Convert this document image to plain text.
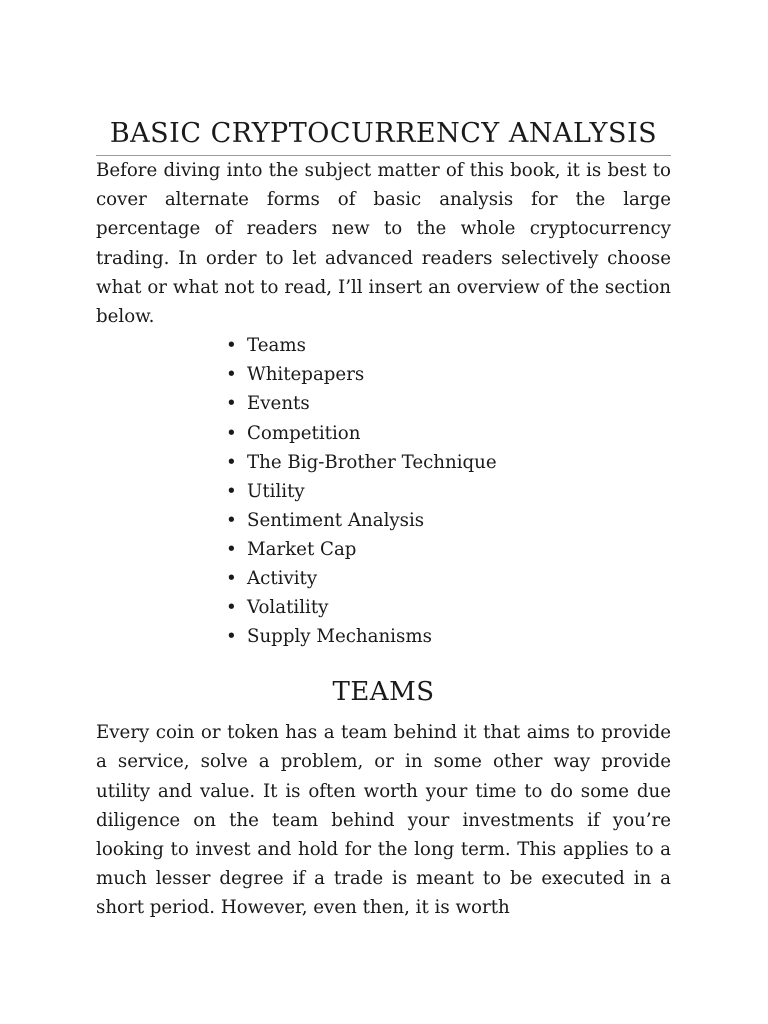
BASIC CRYPTOCURRENCY ANALYSIS

Before diving into the subject matter of this book, it is best to cover alternate forms of basic analysis for the large percentage of readers new to the whole cryptocurrency trading. In order to let advanced readers selectively choose what or what not to read, I’ll insert an overview of the section below.

• Teams
• Whitepapers
• Events
• Competition
• The Big-Brother Technique
• Utility
• Sentiment Analysis
• Market Cap
• Activity
• Volatility
• Supply Mechanisms
TEAMS

Every coin or token has a team behind it that aims to provide a service, solve a problem, or in some other way provide utility and value. It is often worth your time to do some due diligence on the team behind your investments if you’re looking to invest and hold for the long term. This applies to a much lesser degree if a trade is meant to be executed in a short period. However, even then, it is worth
